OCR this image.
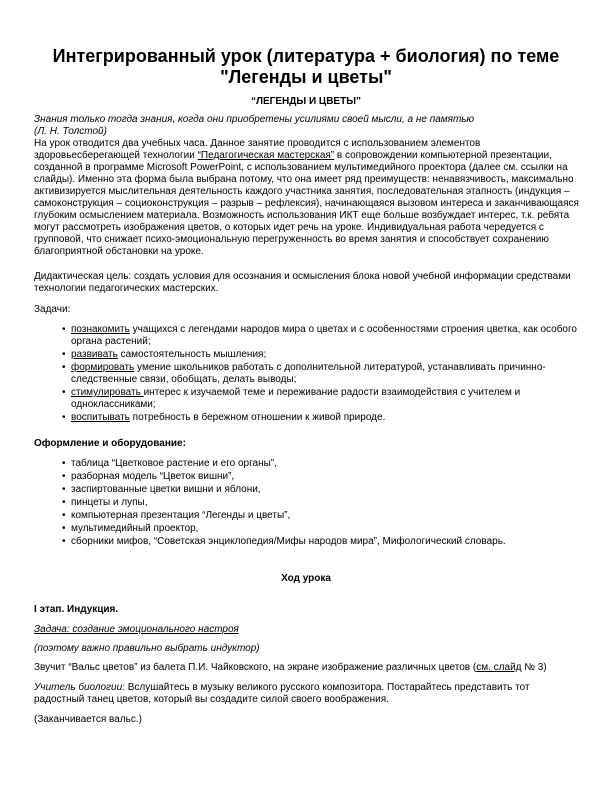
Интегрированный урок (литература + биология) по теме "Легенды и цветы"

“ЛЕГЕНДЫ И ЦВЕТЫ”

Знания только тогда знания, когда они приобретены усилиями своей мысли, а не памятью

(Л. Н. Толстой)

На урок отводится два учебных часа. Данное занятие проводится с использованием элементов здоровьесберегающей технологии “Педагогическая мастерская” в сопровождении компьютерной презентации, созданной в программе Microsoft PowerPoint, с использованием мультимедийного проектора (далее см. ссылки на слайды). Именно эта форма была выбрана потому, что она имеет ряд преимуществ: ненавязчивость, максимально активизируется мыслительная деятельность каждого участника занятия, последовательная этапность (индукция – самоконструкция – социоконструкция – разрыв – рефлексия), начинающаяся вызовом интереса и заканчивающаяся глубоким осмыслением материала. Возможность использования ИКТ еще больше возбуждает интерес, т.к. ребята могут рассмотреть изображения цветов, о которых идет речь на уроке. Индивидуальная работа чередуется с групповой, что снижает психо-эмоциональную перегруженность во время занятия и способствует сохранению благоприятной обстановки на уроке.

Дидактическая цель: создать условия для осознания и осмысления блока новой учебной информации средствами технологии педагогических мастерских.

Задачи:

• познакомить учащихся с легендами народов мира о цветах и с особенностями строения цветка, как особого органа растений;
• развивать самостоятельность мышления;
• формировать умение школьников работать с дополнительной литературой, устанавливать причинно-следственные связи, обобщать, делать выводы;
• стимулировать интерес к изучаемой теме и переживание радости взаимодействия с учителем и одноклассниками;
• воспитывать потребность в бережном отношении к живой природе.

Оформление и оборудование:

• таблица “Цветковое растение и его органы”,
• разборная модель “Цветок вишни”,
• заспиртованные цветки вишни и яблони,
• пинцеты и лупы,
• компьютерная презентация “Легенды и цветы”,
• мультимедийный проектор,
• сборники мифов, “Советская энциклопедия/Мифы народов мира”, Мифологический словарь.

Ход урока

I этап. Индукция.

Задача: создание эмоционального настроя

(поэтому важно правильно выбрать индуктор)

Звучит “Вальс цветов” из балета П.И. Чайковского, на экране изображение различных цветов (см. слайд № 3)

Учитель биологии: Вслушайтесь в музыку великого русского композитора. Постарайтесь представить тот радостный танец цветов, который вы создадите силой своего воображения.

(Заканчивается вальс.)
